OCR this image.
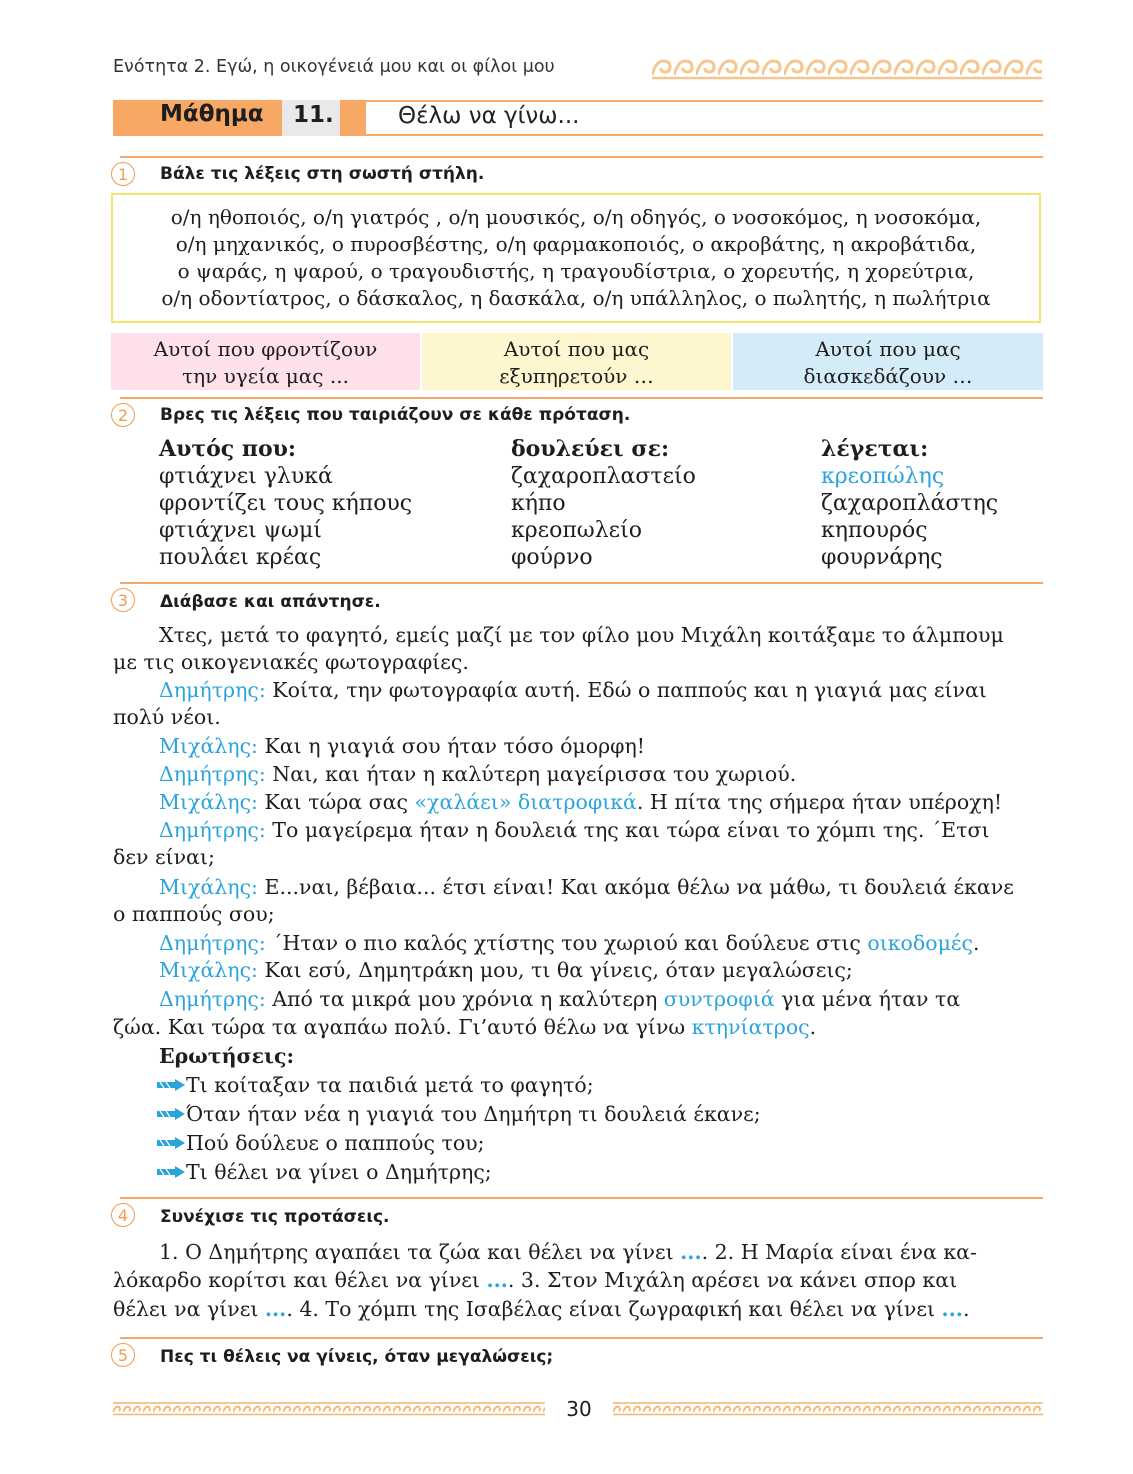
Ενότητα 2. Εγώ, η οικογένειά μου και οι φίλοι μου
Μάθημα 11.	Θέλω να γίνω...
1	Βάλε τις λέξεις στη σωστή στήλη.
ο/η ηθοποιός, ο/η γιατρός , ο/η μουσικός, ο/η οδηγός, ο νοσοκόμος, η νοσοκόμα,
ο/η μηχανικός, ο πυροσβέστης, ο/η φαρμακοποιός, ο ακροβάτης, η ακροβάτιδα,
ο ψαράς, η ψαρού, ο τραγουδιστής, η τραγουδίστρια, ο χορευτής, η χορεύτρια,
ο/η οδοντίατρος, ο δάσκαλος, η δασκάλα, ο/η υπάλληλος, ο πωλητής, η πωλήτρια
Αυτοί που φροντίζουν
την υγεία μας ...
Αυτοί που μας
εξυπηρετούν …
Αυτοί που μας
διασκεδάζουν …
2	Βρες τις λέξεις που ταιριάζουν σε κάθε πρόταση.
Αυτός που:	δουλεύει σε:	λέγεται:
φτιάχνει γλυκά	ζαχαροπλαστείο	κρεοπώλης
φροντίζει τους κήπους	κήπο	ζαχαροπλάστης
φτιάχνει ψωμί	κρεοπωλείο	κηπουρός
πουλάει κρέας	φούρνο	φουρνάρης
3	Διάβασε και απάντησε.
Χτες, μετά το φαγητό, εμείς μαζί με τον φίλο μου Μιχάλη κοιτάξαμε το άλμπουμ
με τις οικογενιακές φωτογραφίες.
Δημήτρης: Κοίτα, την φωτογραφία αυτή. Εδώ ο παππούς και η γιαγιά μας είναι
πολύ νέοι.
Μιχάλης: Και η γιαγιά σου ήταν τόσο όμορφη!
Δημήτρης: Ναι, και ήταν η καλύτερη μαγείρισσα του χωριού.
Μιχάλης: Και τώρα σας «χαλάει» διατροφικά. Η πίτα της σήμερα ήταν υπέροχη!
Δημήτρης: Το μαγείρεμα ήταν η δουλειά της και τώρα είναι το χόμπι της. ΄Ετσι
δεν είναι;
Μιχάλης: Ε...ναι, βέβαια... έτσι είναι! Και ακόμα θέλω να μάθω, τι δουλειά έκανε
ο παππούς σου;
Δημήτρης: ΄Ηταν ο πιο καλός χτίστης του χωριού και δούλευε στις οικοδομές.
Μιχάλης: Και εσύ, Δημητράκη μου, τι θα γίνεις, όταν μεγαλώσεις;
Δημήτρης: Από τα μικρά μου χρόνια η καλύτερη συντροφιά για μένα ήταν τα
ζώα. Και τώρα τα αγαπάω πολύ. Γι’αυτό θέλω να γίνω κτηνίατρος.
Ερωτήσεις:
Τι κοίταξαν τα παιδιά μετά το φαγητό;
Όταν ήταν νέα η γιαγιά του Δημήτρη τι δουλειά έκανε;
Πού δούλευε ο παππούς του;
Τι θέλει να γίνει ο Δημήτρης;
4	Συνέχισε τις προτάσεις.
1. Ο Δημήτρης αγαπάει τα ζώα και θέλει να γίνει .... 2. Η Μαρία είναι ένα κα-
λόκαρδο κορίτσι και θέλει να γίνει .... 3. Στον Μιχάλη αρέσει να κάνει σπορ και
θέλει να γίνει .... 4. Το χόμπι της Ισαβέλας είναι ζωγραφική και θέλει να γίνει ....
5	Πες τι θέλεις να γίνεις, όταν μεγαλώσεις;
30
